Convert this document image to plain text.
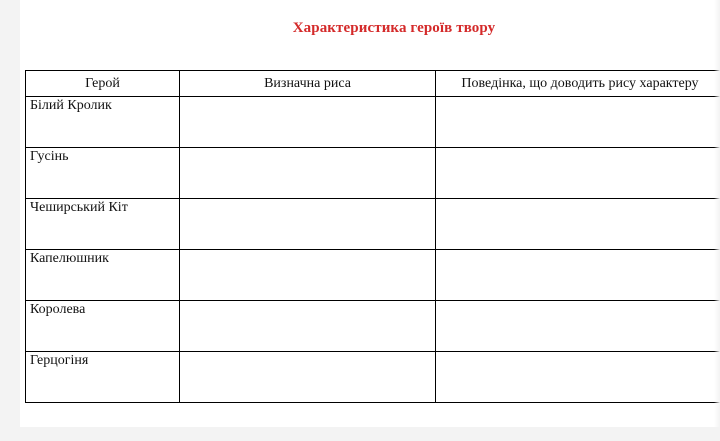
Характеристика героїв твору
Герой	Визначна риса	Поведінка, що доводить рису характеру

Білий Кролик		

Гусінь		

Чеширський Кіт		

Капелюшник		

Королева		

Герцогіня		
